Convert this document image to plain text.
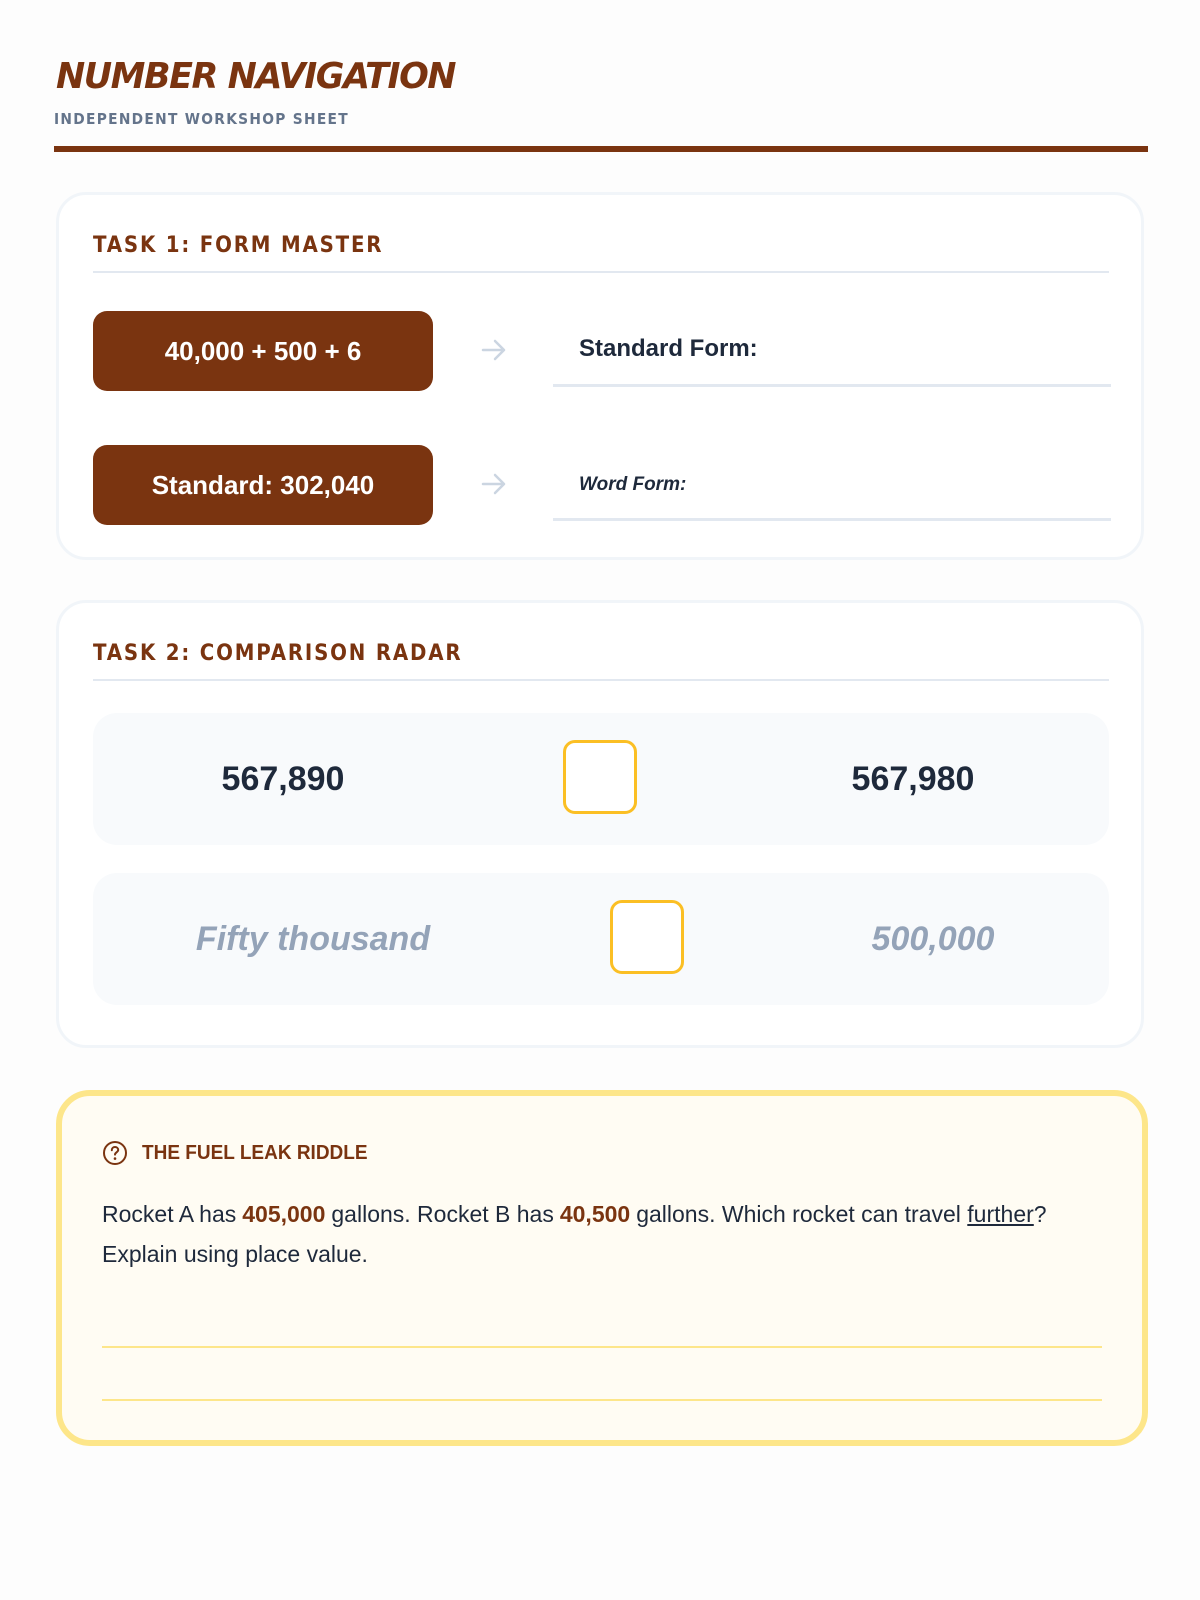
NUMBER NAVIGATION
INDEPENDENT WORKSHOP SHEET
TASK 1: FORM MASTER
40,000 + 500 + 6	Standard Form:
Standard: 302,040	Word Form:
TASK 2: COMPARISON RADAR
567,890	567,980
Fifty thousand	500,000
THE FUEL LEAK RIDDLE
Rocket A has 405,000 gallons. Rocket B has 40,500 gallons. Which rocket can travel further? Explain using place value.
